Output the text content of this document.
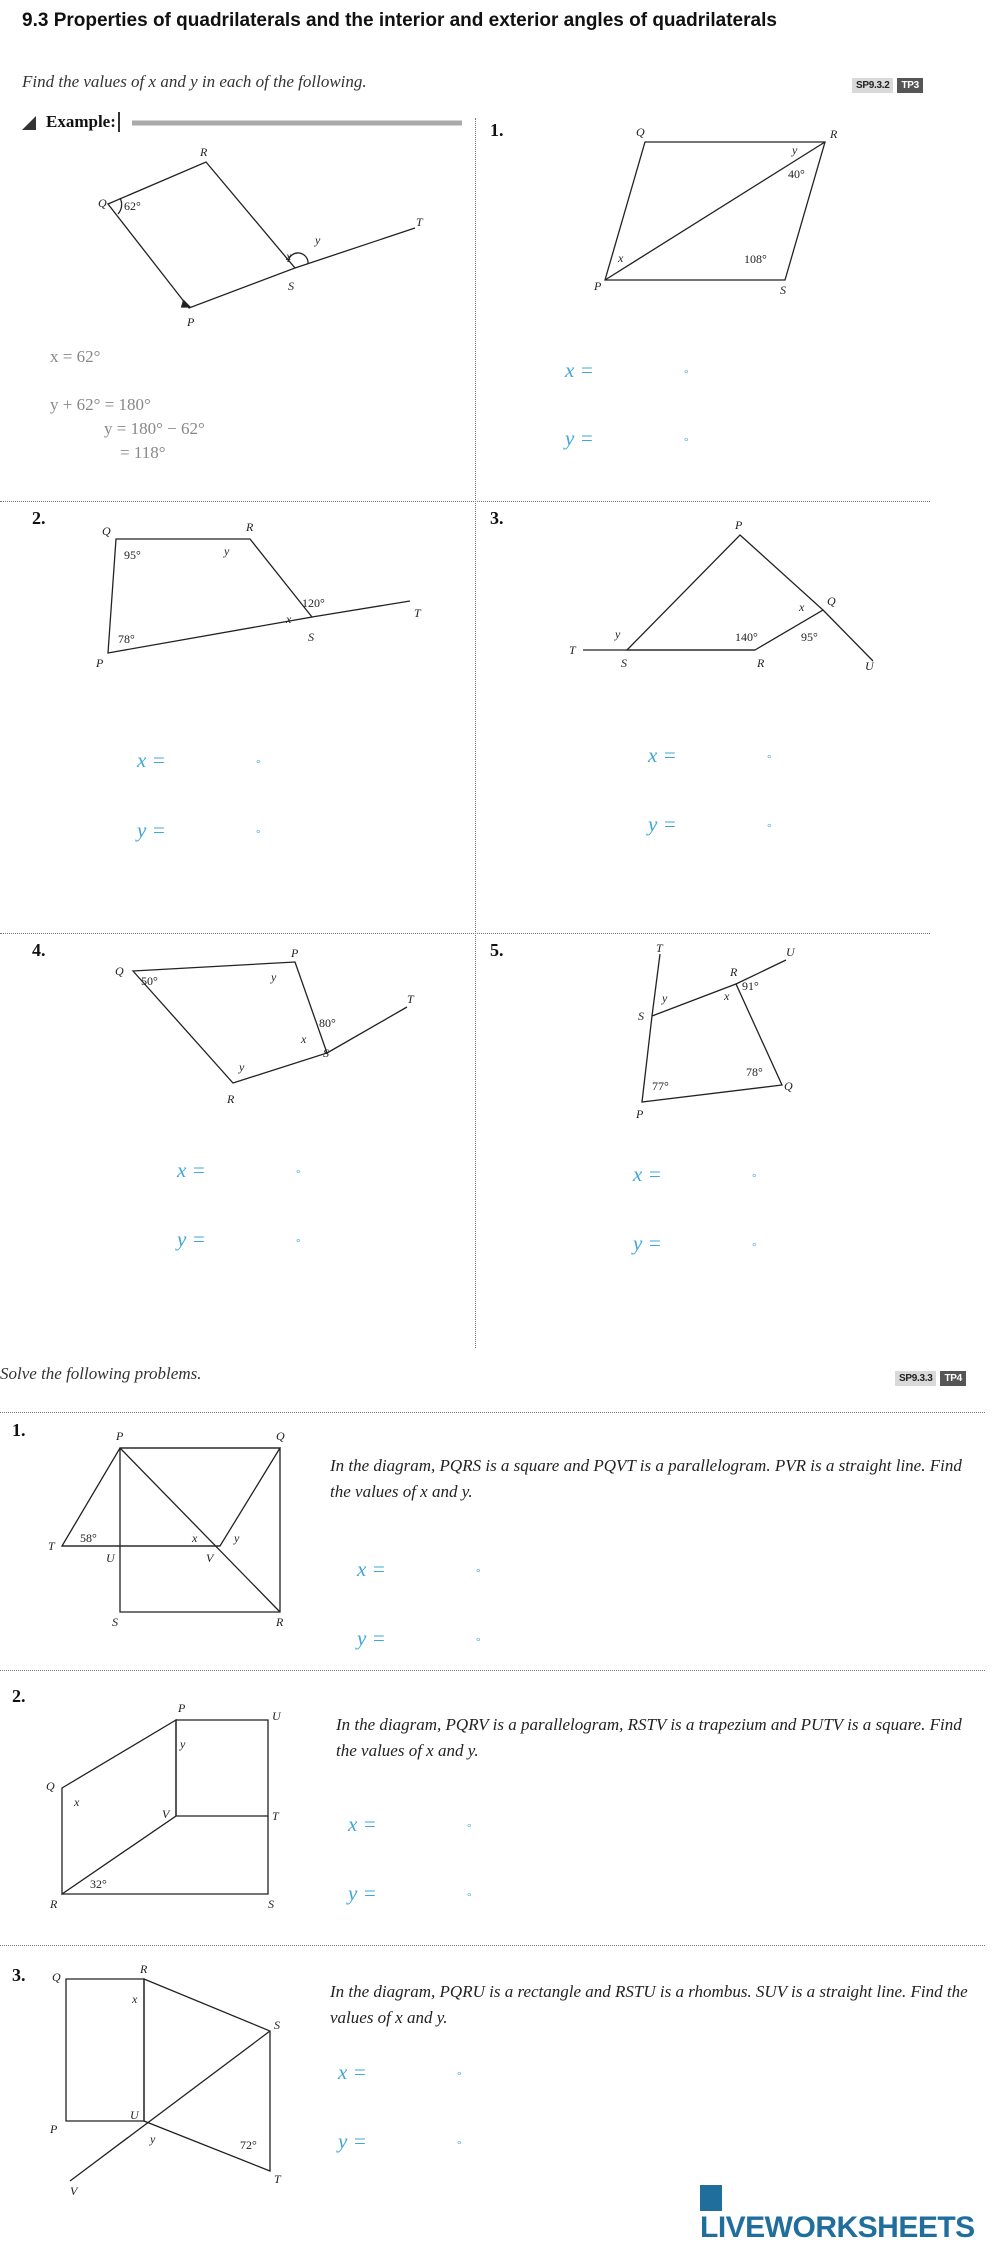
9.3 Properties of quadrilaterals and the interior and exterior angles of quadrilaterals
Find the values of x and y in each of the following.	SP9.3.2 TP3
Example:
Q
R
P
S
T
x
y
62°
x = 62°
y + 62° = 180°
y = 180° − 62°
= 118°
1.	Q	R
P	S
x
y
40°
108°
x =	°
y =	°
2.
Q	R
P
S
T
y
x
95°
78°
120°
x =	°
y =	°
3.	P
Q
R
S
T
U
x
y	140°	95°
x =	°
y =	°
4.
Q
P
R
S
T
x
y
y
50°
80°
x =	°
y =	°
5.	T	U
R
S
P
Q
x
y
91°
77°
78°
x =	°
y =	°
Solve the following problems.	SP9.3.3 TP4
1.	P	Q
T
U	V
S	R
x	y
58°
In the diagram, PQRS is a square and PQVT is a parallelogram. PVR is a straight line. Find the values of x and y.
x =	°
y =	°
2.
P
U
Q
V	T
R	S
x
y
32°
In the diagram, PQRV is a parallelogram, RSTV is a trapezium and PUTV is a square. Find the values of x and y.
x =	°
y =	°
3. Q
R
P
U
S
T
V
x
y	72°
In the diagram, PQRU is a rectangle and RSTU is a rhombus. SUV is a straight line. Find the values of x and y.
x =	°
y =	°
LIVEWORKSHEETS
